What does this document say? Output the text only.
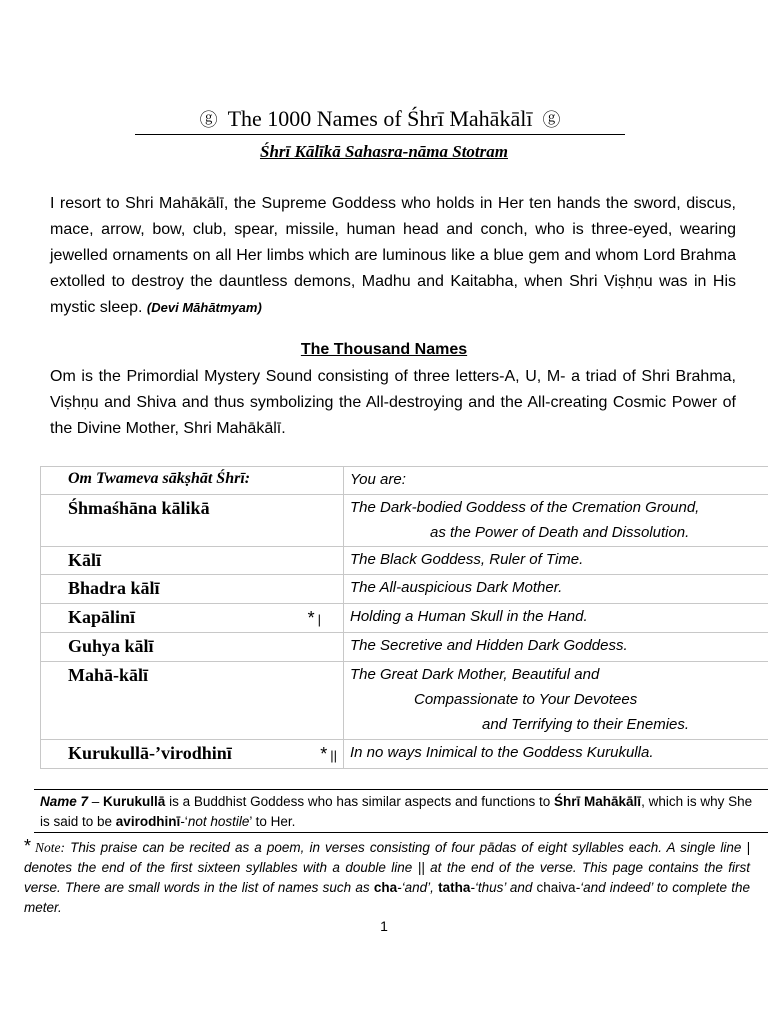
ⓖ The 1000 Names of Śhrī Mahākālī ⓖ
Śhrī Kālīkā Sahasra-nāma Stotram
I resort to Shri Mahākālī, the Supreme Goddess who holds in Her ten hands the sword, discus, mace, arrow, bow, club, spear, missile, human head and conch, who is three-eyed, wearing jewelled ornaments on all Her limbs which are luminous like a blue gem and whom Lord Brahma extolled to destroy the dauntless demons, Madhu and Kaitabha, when Shri Viṣhṇu was in His mystic sleep. (Devi Māhātmyam)
The Thousand Names
Om is the Primordial Mystery Sound consisting of three letters-A, U, M- a triad of Shri Brahma, Viṣhṇu and Shiva and thus symbolizing the All-destroying and the All-creating Cosmic Power of the Divine Mother, Shri Mahākālī.
Om Twameva sākṣhāt Śhrī:	You are:

Śhmaśhāna kālikā	The Dark-bodied Goddess of the Cremation Ground,
as the Power of Death and Dissolution.

Kālī	The Black Goddess, Ruler of Time.

Bhadra kālī	The All-auspicious Dark Mother.

Kapālinī * |	Holding a Human Skull in the Hand.

Guhya kālī	The Secretive and Hidden Dark Goddess.

Mahā-kālī	The Great Dark Mother, Beautiful and
Compassionate to Your Devotees
and Terrifying to their Enemies.

Kurukullā-’virodhinī * ||	In no ways Inimical to the Goddess Kurukulla.
Name 7 – Kurukullā is a Buddhist Goddess who has similar aspects and functions to Śhrī Mahākālī, which is why She is said to be avirodhinī-‘not hostile’ to Her.
* Note: This praise can be recited as a poem, in verses consisting of four pādas of eight syllables each. A single line | denotes the end of the first sixteen syllables with a double line || at the end of the verse. This page contains the first verse. There are small words in the list of names such as cha-‘and’, tatha-‘thus’ and chaiva-‘and indeed’ to complete the meter.
1
